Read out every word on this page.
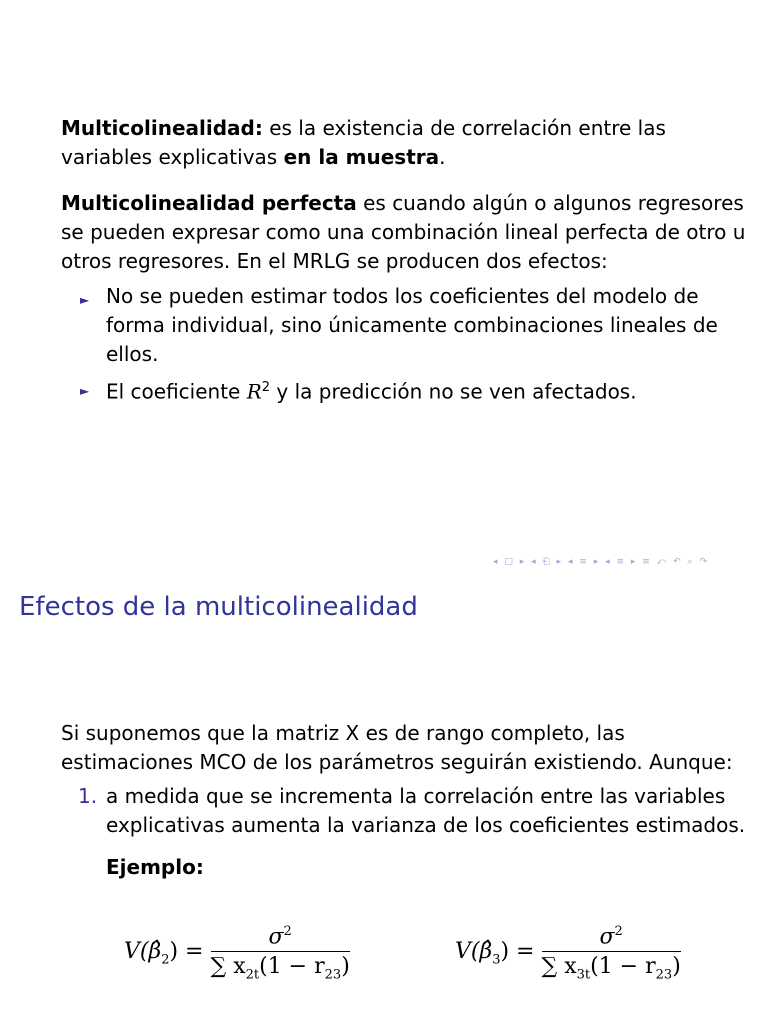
Multicolinealidad: es la existencia de correlación entre las
variables explicativas en la muestra.

Multicolinealidad perfecta es cuando algún o algunos regresores
se pueden expresar como una combinación lineal perfecta de otro u
otros regresores. En el MRLG se producen dos efectos:

► No se pueden estimar todos los coeficientes del modelo de
forma individual, sino únicamente combinaciones lineales de
ellos.
► El coeficiente $R^2$ y la predicción no se ven afectados.
◂ □ ▸ ◂ ⎗ ▸ ◂ ≡ ▸ ◂ ≡ ▸ ≡ ⤺ ↶ ⌕ ↷
Efectos de la multicolinealidad

Si suponemos que la matriz X es de rango completo, las
estimaciones MCO de los parámetros seguirán existiendo. Aunque:

1. a medida que se incrementa la correlación entre las variables
explicativas aumenta la varianza de los coeficientes estimados.
Ejemplo:
$V(\betâ_2) = \frac{\sigma^2}{\sum x_{2t}(1 - r_{23})}$	$V(\betâ_3) = \frac{\sigma^2}{\sum x_{3t}(1 - r_{23})}$
